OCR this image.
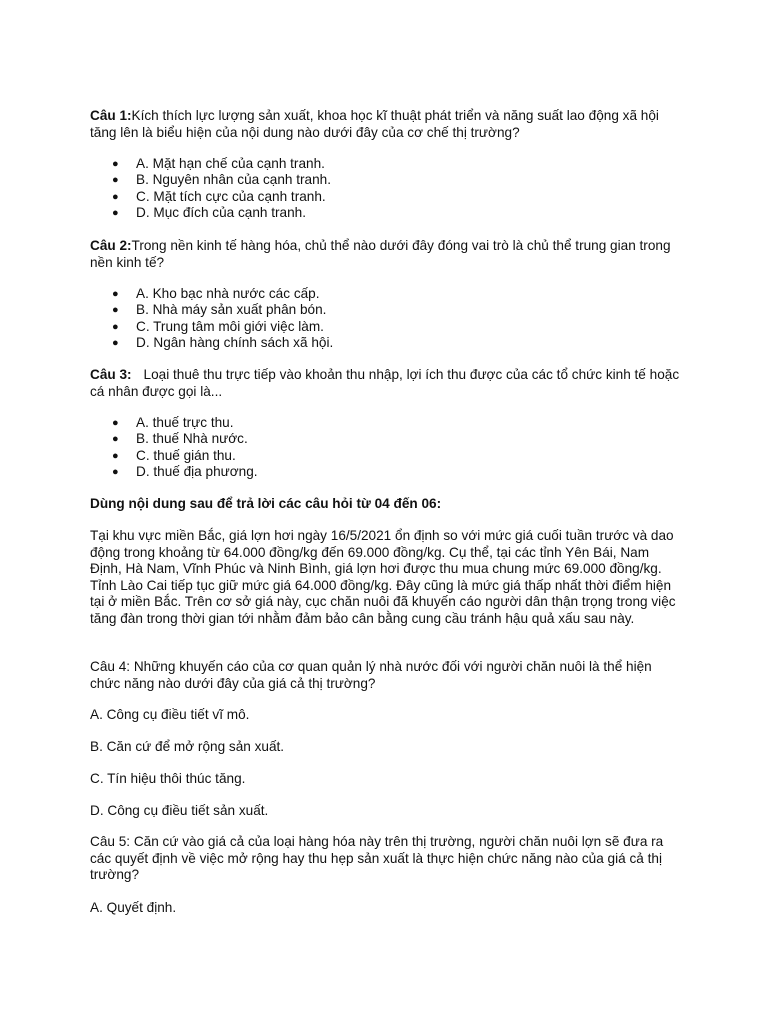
Câu 1:Kích thích lực lượng sản xuất, khoa học kĩ thuật phát triển và năng suất lao động xã hội tăng lên là biểu hiện của nội dung nào dưới đây của cơ chế thị trường?

● A. Mặt hạn chế của cạnh tranh.
● B. Nguyên nhân của cạnh tranh.
● C. Mặt tích cực của cạnh tranh.
● D. Mục đích của cạnh tranh.

Câu 2:Trong nền kinh tế hàng hóa, chủ thể nào dưới đây đóng vai trò là chủ thể trung gian trong nền kinh tế?

● A. Kho bạc nhà nước các cấp.
● B. Nhà máy sản xuất phân bón.
● C. Trung tâm môi giới việc làm.
● D. Ngân hàng chính sách xã hội.

Câu 3: Loại thuê thu trực tiếp vào khoản thu nhập, lợi ích thu được của các tổ chức kinh tế hoặc cá nhân được gọi là...

● A. thuế trực thu.
● B. thuế Nhà nước.
● C. thuế gián thu.
● D. thuế địa phương.

Dùng nội dung sau để trả lời các câu hỏi từ 04 đến 06:

Tại khu vực miền Bắc, giá lợn hơi ngày 16/5/2021 ổn định so với mức giá cuối tuần trước và dao động trong khoảng từ 64.000 đồng/kg đến 69.000 đồng/kg. Cụ thể, tại các tỉnh Yên Bái, Nam Định, Hà Nam, Vĩnh Phúc và Ninh Bình, giá lợn hơi được thu mua chung mức 69.000 đồng/kg. Tỉnh Lào Cai tiếp tục giữ mức giá 64.000 đồng/kg. Đây cũng là mức giá thấp nhất thời điểm hiện tại ở miền Bắc. Trên cơ sở giá này, cục chăn nuôi đã khuyến cáo người dân thận trọng trong việc tăng đàn trong thời gian tới nhằm đảm bảo cân bằng cung cầu tránh hậu quả xấu sau này.

Câu 4: Những khuyến cáo của cơ quan quản lý nhà nước đối với người chăn nuôi là thể hiện chức năng nào dưới đây của giá cả thị trường?

A. Công cụ điều tiết vĩ mô.

B. Căn cứ để mở rộng sản xuất.

C. Tín hiệu thôi thúc tăng.

D. Công cụ điều tiết sản xuất.

Câu 5: Căn cứ vào giá cả của loại hàng hóa này trên thị trường, người chăn nuôi lợn sẽ đưa ra các quyết định về việc mở rộng hay thu hẹp sản xuất là thực hiện chức năng nào của giá cả thị trường?

A. Quyết định.
